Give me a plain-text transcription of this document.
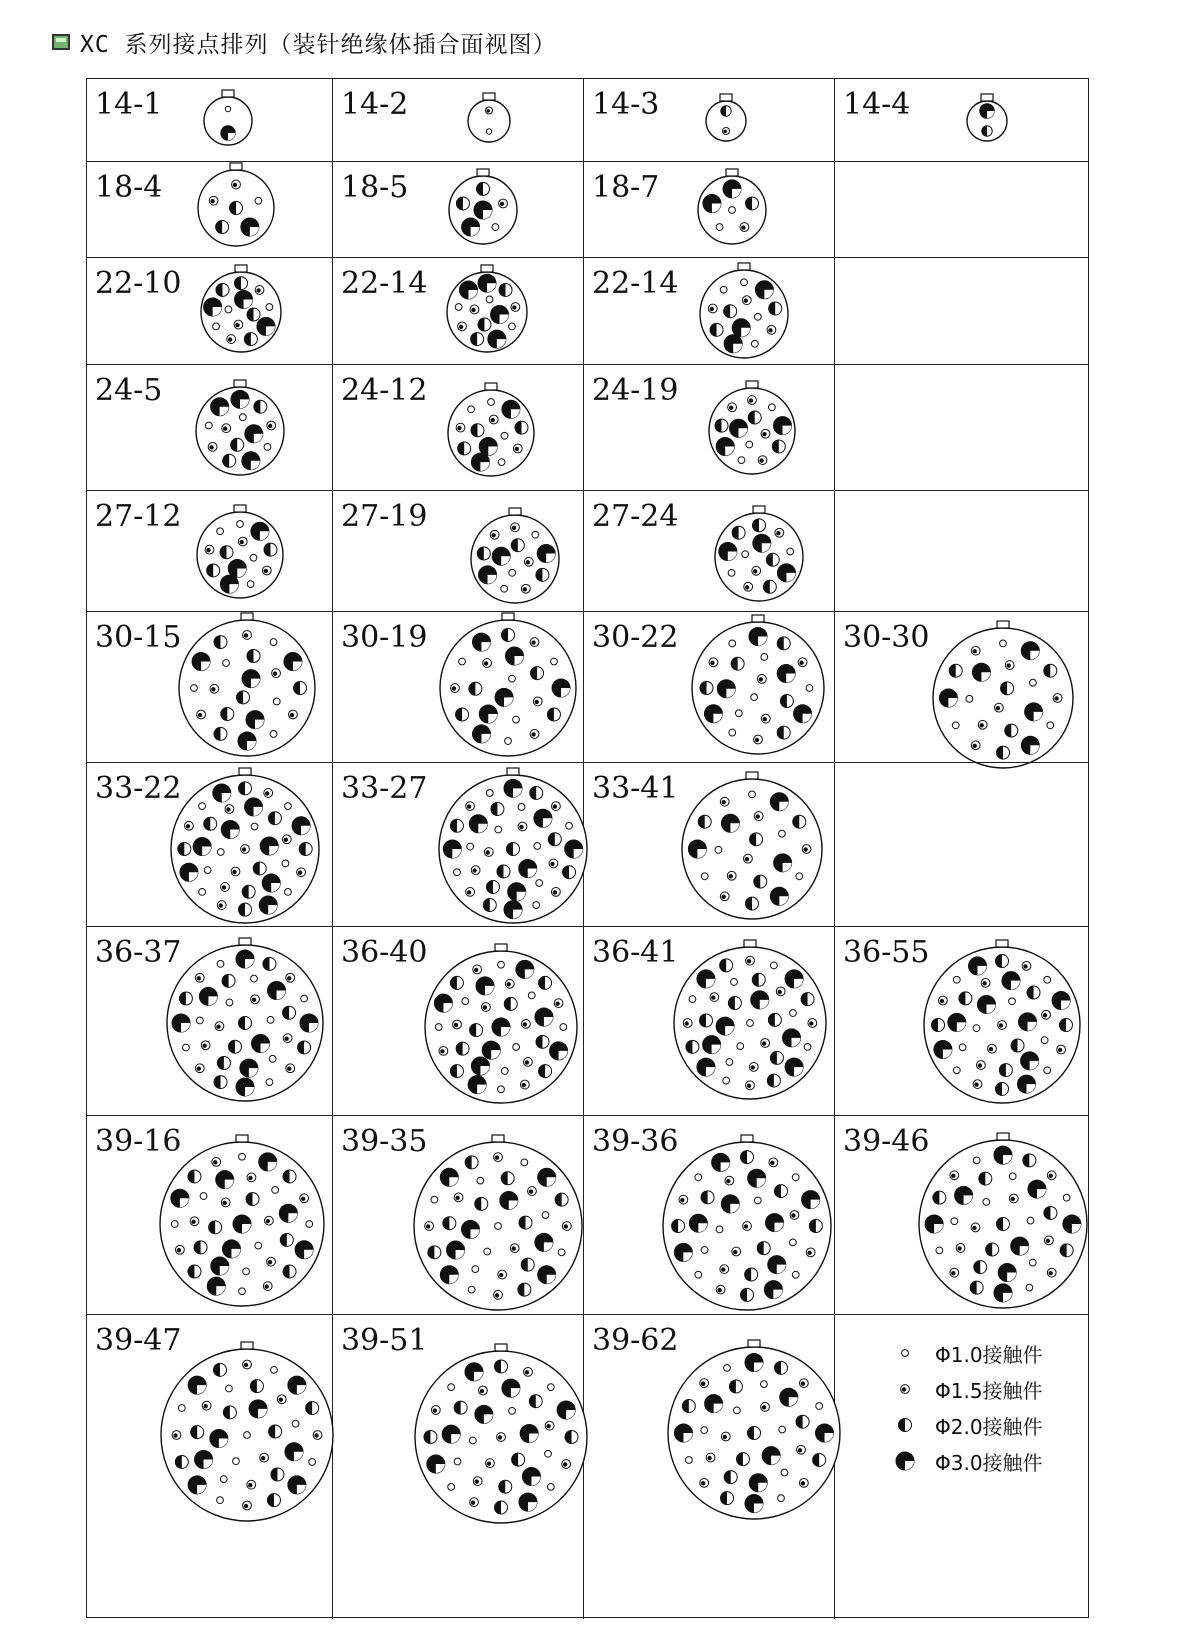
XC 系列接点排列（装针绝缘体插合面视图）
14-1	14-2	14-3	14-4
18-4	18-5	18-7
22-10	22-14	22-14
24-5	24-12	24-19
27-12	27-19	27-24
30-15	30-19	30-22	30-30
33-22	33-27	33-41
36-37	36-40	36-41	36-55
39-16	39-35	39-36	39-46
39-47	39-51	39-62	Φ1.0接触件
Φ1.5接触件
Φ2.0接触件
Φ3.0接触件
